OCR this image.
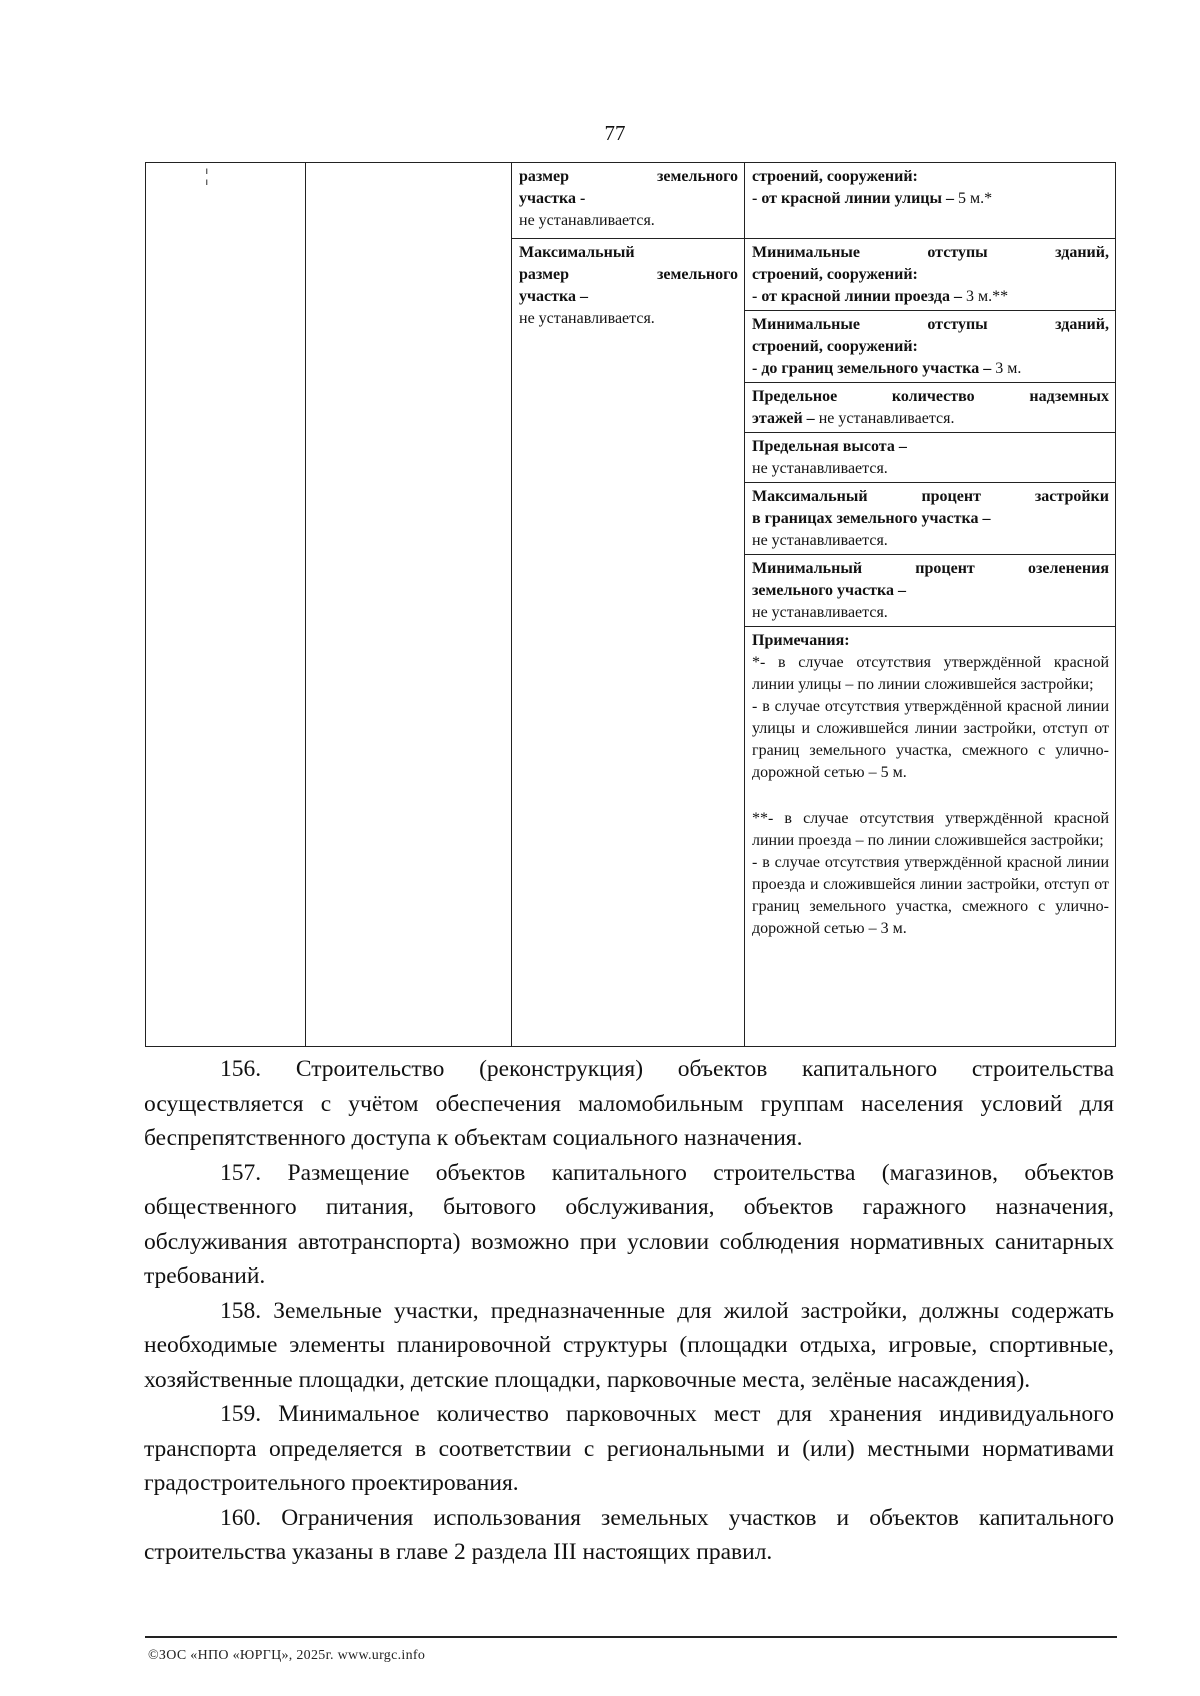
77
¦		размер земельного
участка -
не устанавливается.	строений, сооружений:
- от красной линии улицы – 5 м.*

		Максимальный
размер земельного
участка –
не устанавливается.	Минимальные отступы зданий,
строений, сооружений:
- от красной линии проезда – 3 м.**

			Минимальные отступы зданий,
строений, сооружений:
- до границ земельного участка – 3 м.

			Предельное количество надземных
этажей – не устанавливается.

			Предельная высота –
не устанавливается.

			Максимальный процент застройки
в границах земельного участка –
не устанавливается.

			Минимальный процент озеленения
земельного участка –
не устанавливается.

			Примечания:
*- в случае отсутствия утверждённой красной линии улицы – по линии сложившейся застройки;
- в случае отсутствия утверждённой красной линии улицы и сложившейся линии застройки, отступ от границ земельного участка, смежного с улично-дорожной сетью – 5 м.
**- в случае отсутствия утверждённой красной линии проезда – по линии сложившейся застройки;
- в случае отсутствия утверждённой красной линии проезда и сложившейся линии застройки, отступ от границ земельного участка, смежного с улично-дорожной сетью – 3 м.

156. Строительство (реконструкция) объектов капитального строительства осуществляется с учётом обеспечения маломобильным группам населения условий для беспрепятственного доступа к объектам социального назначения.

157. Размещение объектов капитального строительства (магазинов, объектов общественного питания, бытового обслуживания, объектов гаражного назначения, обслуживания автотранспорта) возможно при условии соблюдения нормативных санитарных требований.

158. Земельные участки, предназначенные для жилой застройки, должны содержать необходимые элементы планировочной структуры (площадки отдыха, игровые, спортивные, хозяйственные площадки, детские площадки, парковочные места, зелёные насаждения).

159. Минимальное количество парковочных мест для хранения индивидуального транспорта определяется в соответствии с региональными и (или) местными нормативами градостроительного проектирования.

160. Ограничения использования земельных участков и объектов капитального строительства указаны в главе 2 раздела III настоящих правил.

©ЗОС «НПО «ЮРГЦ», 2025г. www.urgc.info
